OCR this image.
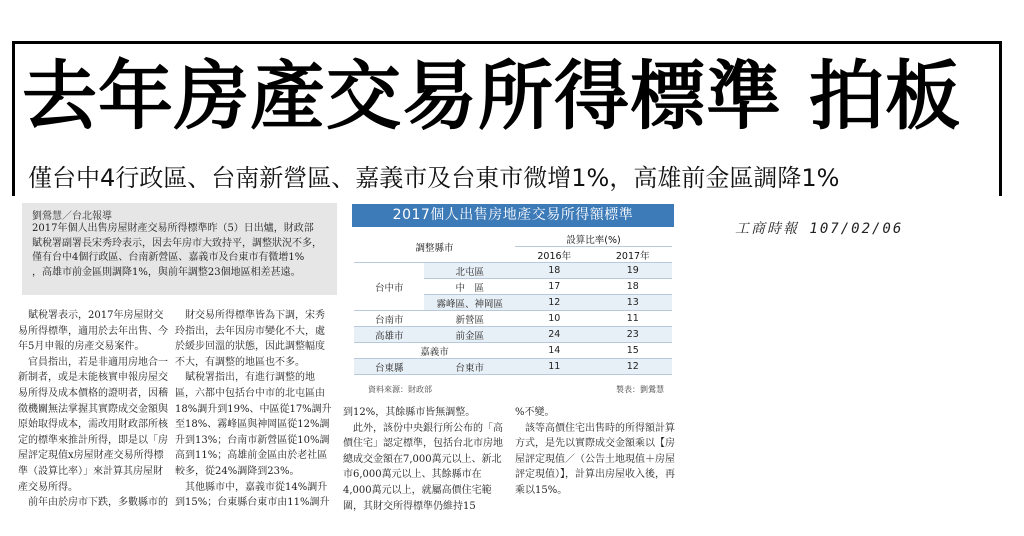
去年房產交易所得標準 拍板
僅台中4行政區、台南新營區、嘉義市及台東市微增1%，高雄前金區調降1%
工商時報 107/02/06
劉鶯慧／台北報導

2017年個人出售房屋財產交易所得標準昨（5）日出爐，財政部

賦稅署副署長宋秀玲表示，因去年房市大致持平，調整狀況不多，

僅有台中4個行政區、台南新營區、嘉義市及台東市有微增1%

，高雄市前金區則調降1%，與前年調整23個地區相差甚遠。

賦稅署表示，2017年房屋財交易所得標準，適用於去年出售、今年5月申報的房產交易案件。

官員指出，若是非適用房地合一新制者，或是未能核實申報房屋交易所得及成本價格的證明者，因稽徵機關無法掌握其實際成交金額與原始取得成本，需改用財政部所核定的標準來推計所得，即是以「房屋評定現值x房屋財產交易所得標準（設算比率）」來計算其房屋財產交易所得。

前年由於房市下跌，多數縣市的

財交易所得標準皆為下調，宋秀玲指出，去年因房市變化不大，處於緩步回溫的狀態，因此調整幅度不大，有調整的地區也不多。

賦稅署指出，有進行調整的地區，六都中包括台中市的北屯區由18%調升到19%、中區從17%調升至18%、霧峰區與神岡區從12%調升到13%；台南市新營區從10%調高到11%；高雄前金區由於老社區較多，從24%調降到23%。

其他縣市中，嘉義市從14%調升到15%；台東縣台東市由11%調升

到12%，其餘縣市皆無調整。

此外，該份中央銀行所公布的「高價住宅」認定標準，包括台北市房地總成交金額在7,000萬元以上、新北市6,000萬元以上、其餘縣市在4,000萬元以上，就屬高價住宅範圍，其財交所得標準仍維持15

%不變。

該等高價住宅出售時的所得額計算方式，是先以實際成交金額乘以【房屋評定現值／（公告土地現值＋房屋評定現值）】，計算出房屋收入後，再乘以15%。

2017個人出售房地產交易所得額標準
調整縣市		設算比率(%)	
		2016年	2017年
台中市	北屯區	18	19
	中　區	17	18
	霧峰區、神岡區	12	13
台南市	新營區	10	11
高雄市	前金區	24	23
嘉義市		14	15
台東縣	台東市	11	12
資料來源：財政部	製表：劉鶯慧
